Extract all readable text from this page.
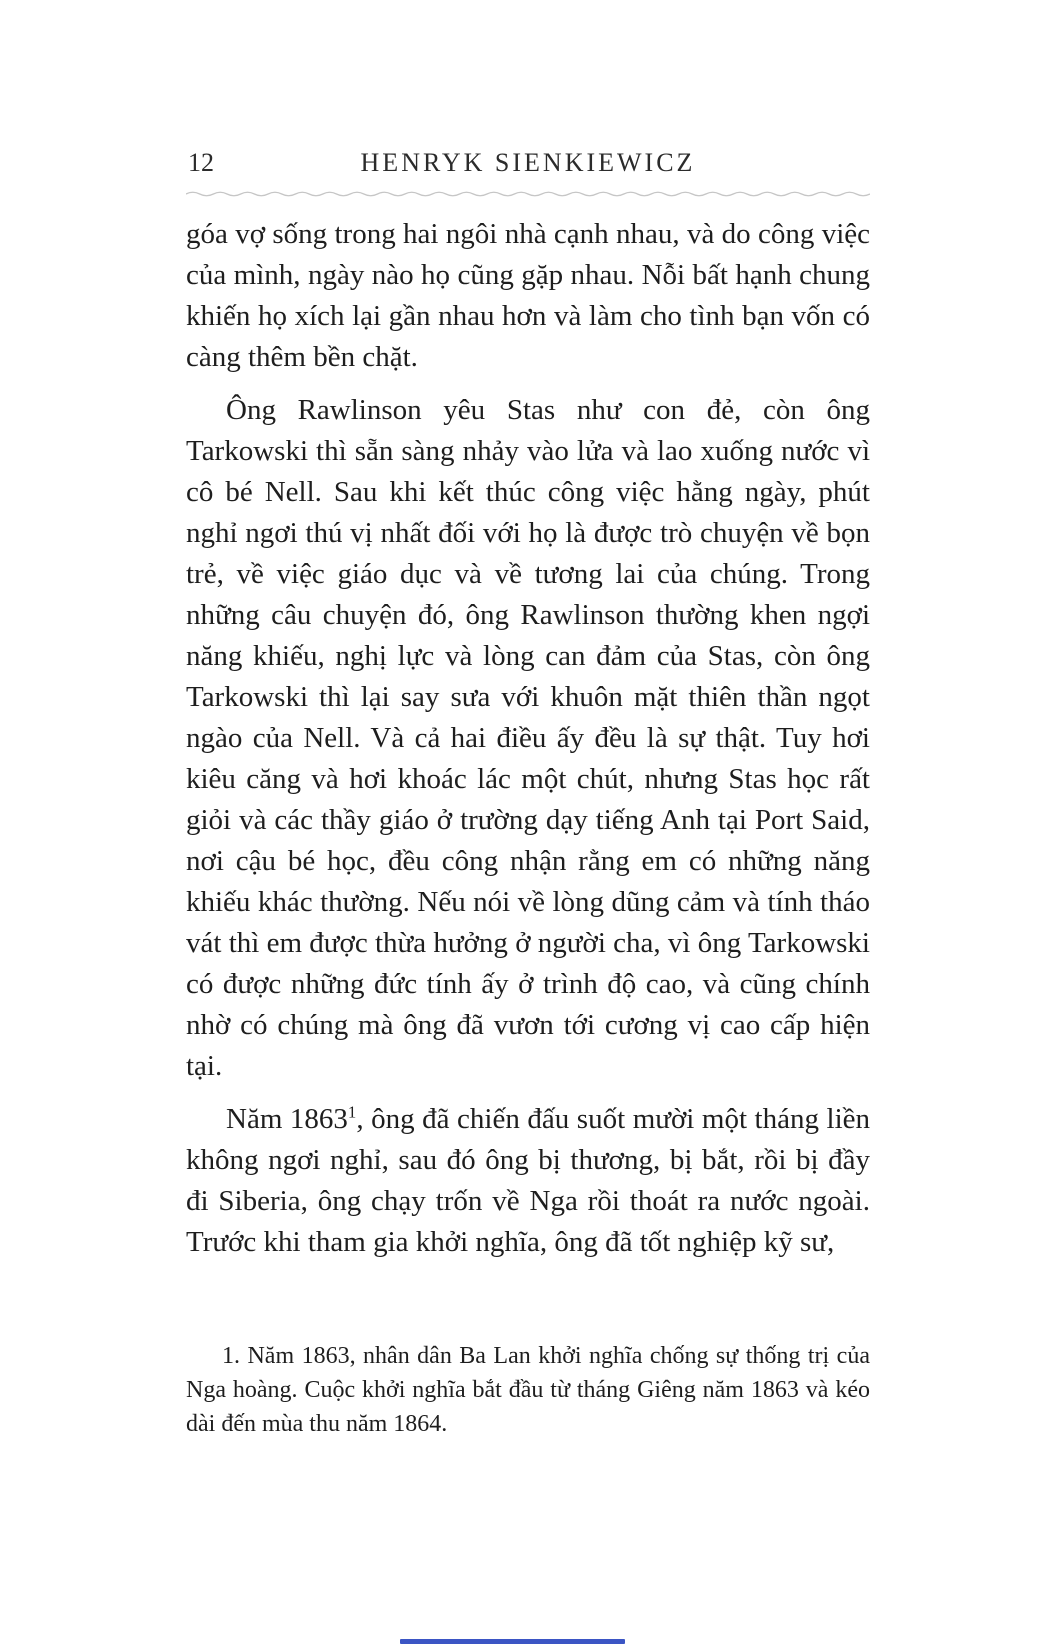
12	HENRYK SIENKIEWICZ

góa vợ sống trong hai ngôi nhà cạnh nhau, và do công việc của mình, ngày nào họ cũng gặp nhau. Nỗi bất hạnh chung khiến họ xích lại gần nhau hơn và làm cho tình bạn vốn có càng thêm bền chặt.

Ông Rawlinson yêu Stas như con đẻ, còn ông Tarkowski thì sẵn sàng nhảy vào lửa và lao xuống nước vì cô bé Nell. Sau khi kết thúc công việc hằng ngày, phút nghỉ ngơi thú vị nhất đối với họ là được trò chuyện về bọn trẻ, về việc giáo dục và về tương lai của chúng. Trong những câu chuyện đó, ông Rawlinson thường khen ngợi năng khiếu, nghị lực và lòng can đảm của Stas, còn ông Tarkowski thì lại say sưa với khuôn mặt thiên thần ngọt ngào của Nell. Và cả hai điều ấy đều là sự thật. Tuy hơi kiêu căng và hơi khoác lác một chút, nhưng Stas học rất giỏi và các thầy giáo ở trường dạy tiếng Anh tại Port Said, nơi cậu bé học, đều công nhận rằng em có những năng khiếu khác thường. Nếu nói về lòng dũng cảm và tính tháo vát thì em được thừa hưởng ở người cha, vì ông Tarkowski có được những đức tính ấy ở trình độ cao, và cũng chính nhờ có chúng mà ông đã vươn tới cương vị cao cấp hiện tại.

Năm 1863$^1$, ông đã chiến đấu suốt mười một tháng liền không ngơi nghỉ, sau đó ông bị thương, bị bắt, rồi bị đầy đi Siberia, ông chạy trốn về Nga rồi thoát ra nước ngoài. Trước khi tham gia khởi nghĩa, ông đã tốt nghiệp kỹ sư,

1. Năm 1863, nhân dân Ba Lan khởi nghĩa chống sự thống trị của Nga hoàng. Cuộc khởi nghĩa bắt đầu từ tháng Giêng năm 1863 và kéo dài đến mùa thu năm 1864.
